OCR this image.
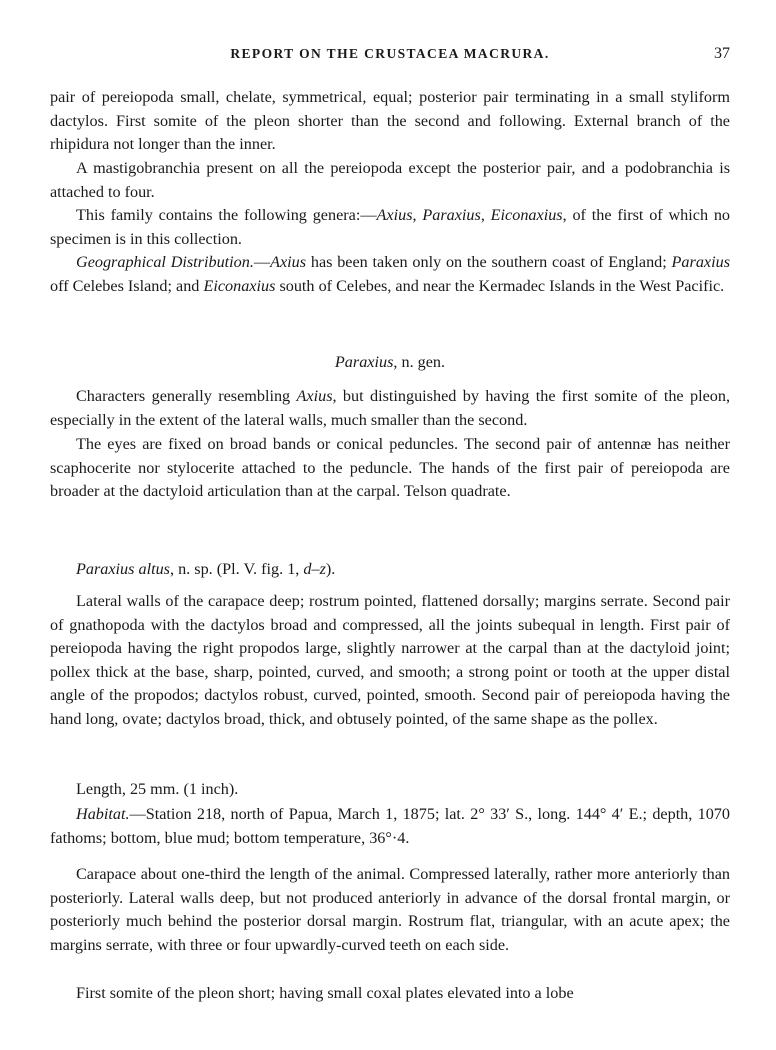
REPORT ON THE CRUSTACEA MACRURA.	37

pair of pereiopoda small, chelate, symmetrical, equal; posterior pair terminating in a small styliform dactylos. First somite of the pleon shorter than the second and following. External branch of the rhipidura not longer than the inner.

A mastigobranchia present on all the pereiopoda except the posterior pair, and a podobranchia is attached to four.

This family contains the following genera:—Axius, Paraxius, Eiconaxius, of the first of which no specimen is in this collection.

Geographical Distribution.—Axius has been taken only on the southern coast of England; Paraxius off Celebes Island; and Eiconaxius south of Celebes, and near the Kermadec Islands in the West Pacific.

Paraxius, n. gen.

Characters generally resembling Axius, but distinguished by having the first somite of the pleon, especially in the extent of the lateral walls, much smaller than the second.

The eyes are fixed on broad bands or conical peduncles. The second pair of antennæ has neither scaphocerite nor stylocerite attached to the peduncle. The hands of the first pair of pereiopoda are broader at the dactyloid articulation than at the carpal. Telson quadrate.

Paraxius altus, n. sp. (Pl. V. fig. 1, d–z).

Lateral walls of the carapace deep; rostrum pointed, flattened dorsally; margins serrate. Second pair of gnathopoda with the dactylos broad and compressed, all the joints subequal in length. First pair of pereiopoda having the right propodos large, slightly narrower at the carpal than at the dactyloid joint; pollex thick at the base, sharp, pointed, curved, and smooth; a strong point or tooth at the upper distal angle of the propodos; dactylos robust, curved, pointed, smooth. Second pair of pereiopoda having the hand long, ovate; dactylos broad, thick, and obtusely pointed, of the same shape as the pollex.

Length, 25 mm. (1 inch).

Habitat.—Station 218, north of Papua, March 1, 1875; lat. 2° 33′ S., long. 144° 4′ E.; depth, 1070 fathoms; bottom, blue mud; bottom temperature, 36°·4.

Carapace about one-third the length of the animal. Compressed laterally, rather more anteriorly than posteriorly. Lateral walls deep, but not produced anteriorly in advance of the dorsal frontal margin, or posteriorly much behind the posterior dorsal margin. Rostrum flat, triangular, with an acute apex; the margins serrate, with three or four upwardly-curved teeth on each side.

First somite of the pleon short; having small coxal plates elevated into a lobe
